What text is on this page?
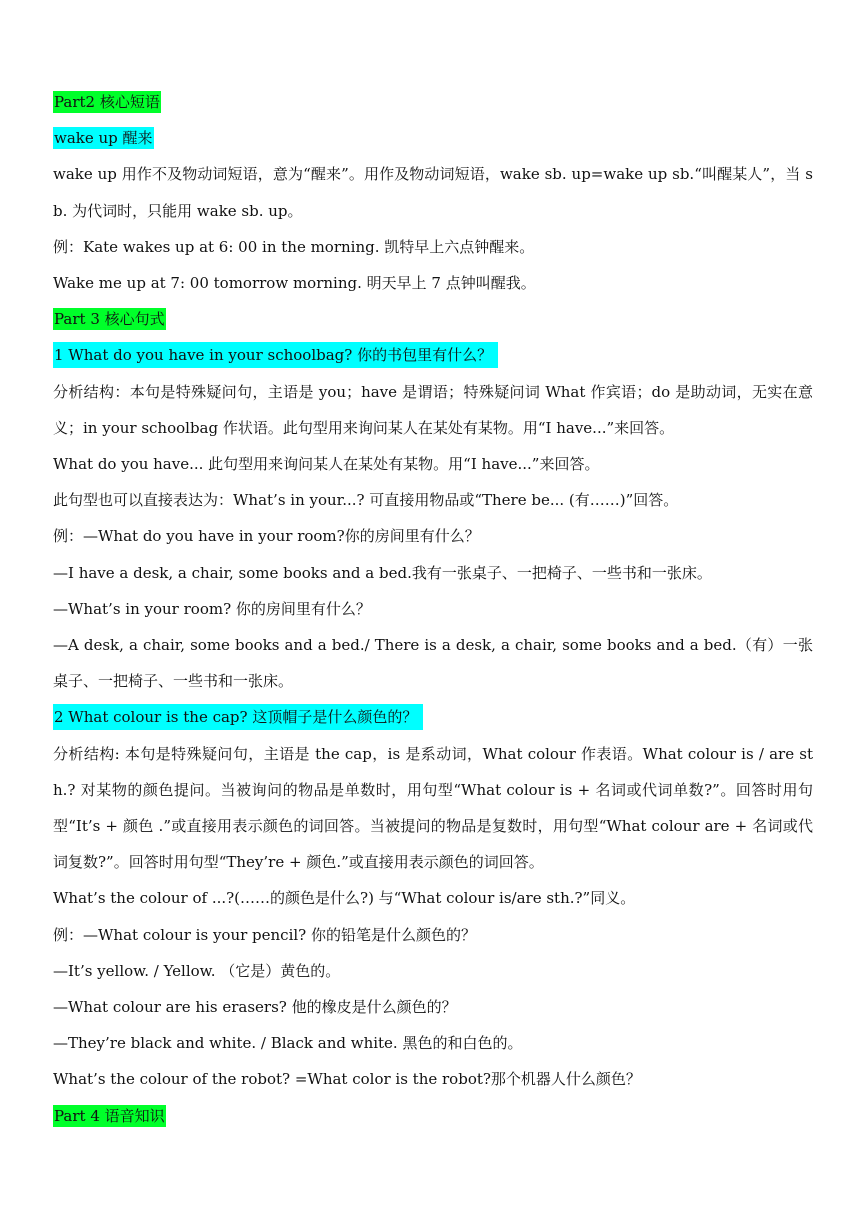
Part2 核心短语
wake up 醒来
wake up 用作不及物动词短语，意为“醒来”。用作及物动词短语，wake sb. up=wake up sb.“叫醒某人”，当 sb. 为代词时，只能用 wake sb. up。
例：Kate wakes up at 6: 00 in the morning. 凯特早上六点钟醒来。
Wake me up at 7: 00 tomorrow morning. 明天早上 7 点钟叫醒我。
Part 3 核心句式
1 What do you have in your schoolbag? 你的书包里有什么？
分析结构：本句是特殊疑问句，主语是 you；have 是谓语；特殊疑问词 What 作宾语；do 是助动词，无实在意义；in your schoolbag 作状语。此句型用来询问某人在某处有某物。用“I have...”来回答。
What do you have... 此句型用来询问某人在某处有某物。用“I have...”来回答。
此句型也可以直接表达为：What’s in your...? 可直接用物品或“There be... (有……)”回答。
例：—What do you have in your room?你的房间里有什么？
—I have a desk, a chair, some books and a bed.我有一张桌子、一把椅子、一些书和一张床。
—What’s in your room? 你的房间里有什么？
—A desk, a chair, some books and a bed./ There is a desk, a chair, some books and a bed.（有）一张桌子、一把椅子、一些书和一张床。
2 What colour is the cap? 这顶帽子是什么颜色的？
分析结构: 本句是特殊疑问句，主语是 the cap，is 是系动词，What colour 作表语。What colour is / are sth.? 对某物的颜色提问。当被询问的物品是单数时，用句型“What colour is + 名词或代词单数?”。回答时用句型“It’s + 颜色 .”或直接用表示颜色的词回答。当被提问的物品是复数时，用句型“What colour are + 名词或代词复数?”。回答时用句型“They’re + 颜色.”或直接用表示颜色的词回答。
What’s the colour of ...?(……的颜色是什么?) 与“What colour is/are sth.?”同义。
例：—What colour is your pencil? 你的铅笔是什么颜色的？
—It’s yellow. / Yellow. （它是）黄色的。
—What colour are his erasers? 他的橡皮是什么颜色的？
—They’re black and white. / Black and white. 黑色的和白色的。
What’s the colour of the robot? =What color is the robot?那个机器人什么颜色？
Part 4 语音知识
